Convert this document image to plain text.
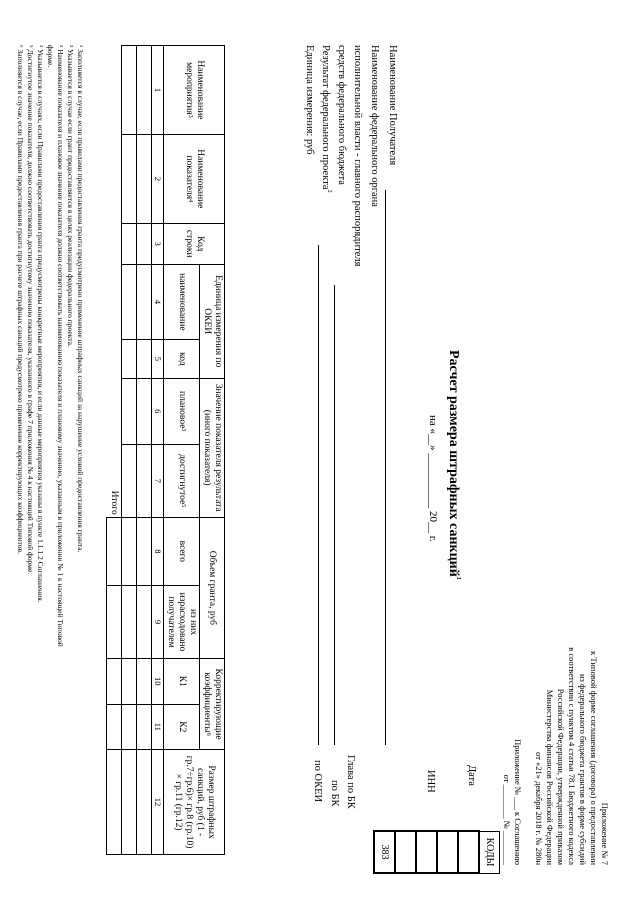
Приложение № 7
к Типовой форме соглашения (договора) о предоставлении
из федерального бюджета грантов в форме субсидий
в соответствии с пунктом 4 статьи 78.1 Бюджетного кодекса
Российской Федерации, утвержденной приказом
Министерства финансов Российской Федерации
от «21» декабря 2018 г. № 280н
Приложение № ___ к Соглашению
от ________ № ________
Расчет размера штрафных санкций$^1$
на «__» __________ 20__ г.
КОДЫ

383
Дата
ИНН
Глава по БК
по БК
по ОКЕИ
Наименование Получателя
Наименование федерального органа
исполнительной власти - главного распорядителя
средств федерального бюджета
Результат федерального проекта$^2$
Единица измерения: руб
Наименование мероприятия$^3$	Наименование показателя$^4$	Код строки	Единица измерения по ОКЕИ		Значение показателя результата (иного показателя)		Объем гранта, руб		Корректирующие коэффициенты$^6$		Размер штрафных санкций, руб (1 - гр.7÷гр.6)× гр.8 (гр.10) × гр.11 (гр.12)
			наименование	код	плановое$^3$	достигнутое$^5$	всего	из них израсходовано получателем	К1	К2	
1	2	3	4	5	6	7	8	9	10	11	12

Итого											
¹ Заполняется в случае, если правилами предоставления гранта предусмотрено применение штрафных санкций за нарушение условий предоставления гранта.
² Указывается в случае если грант предоставляется в целях реализации федерального проекта.
³ Наименование показателя и плановое значение показателя должно соответствовать наименованию показателя и плановому значению, указанным в приложении № 1 к настоящей Типовой
форме.
³ Указывается в случаях, если Правилами предоставления гранта предусмотрены конкретные мероприятия, и если данные мероприятия указаны в пункте 1.1.1.2 Соглашения.
⁵ Достигнутое значение показателя, должно соответствовать достигнутому значению показателя, указанного в графе 7 приложения № 4 к настоящей Типовой форме.
⁶ Заполняется в случае, если Правилами предоставления гранта при расчете штрафных санкций предусмотрено применение корректирующих коэффициентов.
